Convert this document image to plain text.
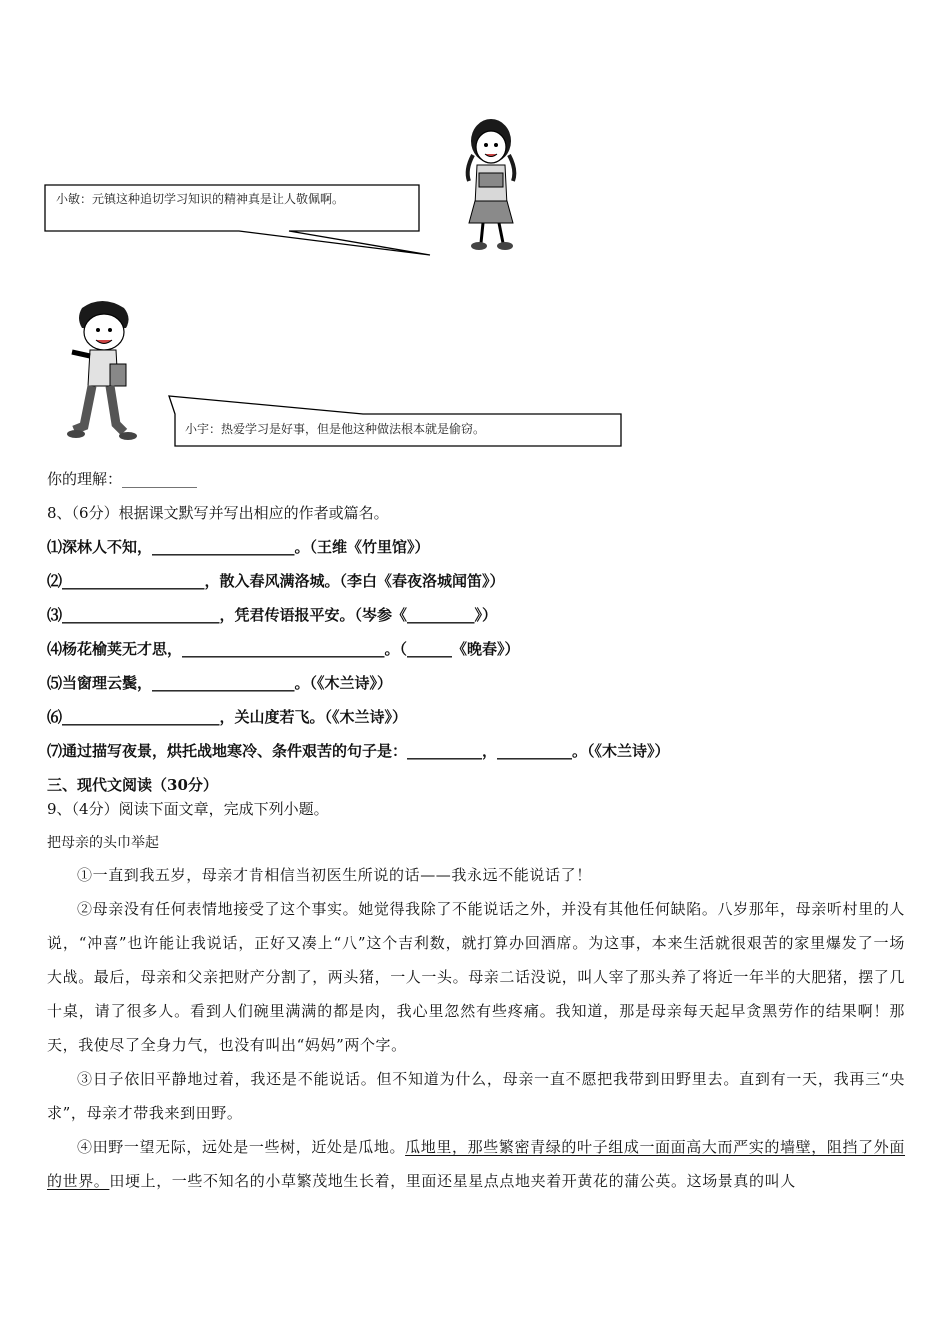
小敏：元镇这种追切学习知识的精神真是让人敬佩啊。
小宇：热爱学习是好事，但是他这种做法根本就是偷窃。
你的理解：__________
8、（6分）根据课文默写并写出相应的作者或篇名。
⑴深林人不知，___________________。（王维《竹里馆》）
⑵___________________，散入春风满洛城。（李白《春夜洛城闻笛》）
⑶_____________________，凭君传语报平安。（岑参《_________》）
⑷杨花榆荚无才思，___________________________。（______《晚春》）
⑸当窗理云鬓，___________________。（《木兰诗》）
⑹_____________________，关山度若飞。（《木兰诗》）
⑺通过描写夜景，烘托战地寒冷、条件艰苦的句子是：__________，__________。（《木兰诗》）
三、现代文阅读（30分）
9、（4分）阅读下面文章，完成下列小题。
把母亲的头巾举起
①一直到我五岁，母亲才肯相信当初医生所说的话——我永远不能说话了！
②母亲没有任何表情地接受了这个事实。她觉得我除了不能说话之外，并没有其他任何缺陷。八岁那年，母亲听村里的人说，“冲喜”也许能让我说话，正好又凑上“八”这个吉利数，就打算办回酒席。为这事，本来生活就很艰苦的家里爆发了一场大战。最后，母亲和父亲把财产分割了，两头猪，一人一头。母亲二话没说，叫人宰了那头养了将近一年半的大肥猪，摆了几十桌，请了很多人。看到人们碗里满满的都是肉，我心里忽然有些疼痛。我知道，那是母亲每天起早贪黑劳作的结果啊！那天，我使尽了全身力气，也没有叫出“妈妈”两个字。
③日子依旧平静地过着，我还是不能说话。但不知道为什么，母亲一直不愿把我带到田野里去。直到有一天，我再三“央求”，母亲才带我来到田野。
④田野一望无际，远处是一些树，近处是瓜地。瓜地里，那些繁密青绿的叶子组成一面面高大而严实的墙壁，阻挡了外面的世界。田埂上，一些不知名的小草繁茂地生长着，里面还星星点点地夹着开黄花的蒲公英。这场景真的叫人
